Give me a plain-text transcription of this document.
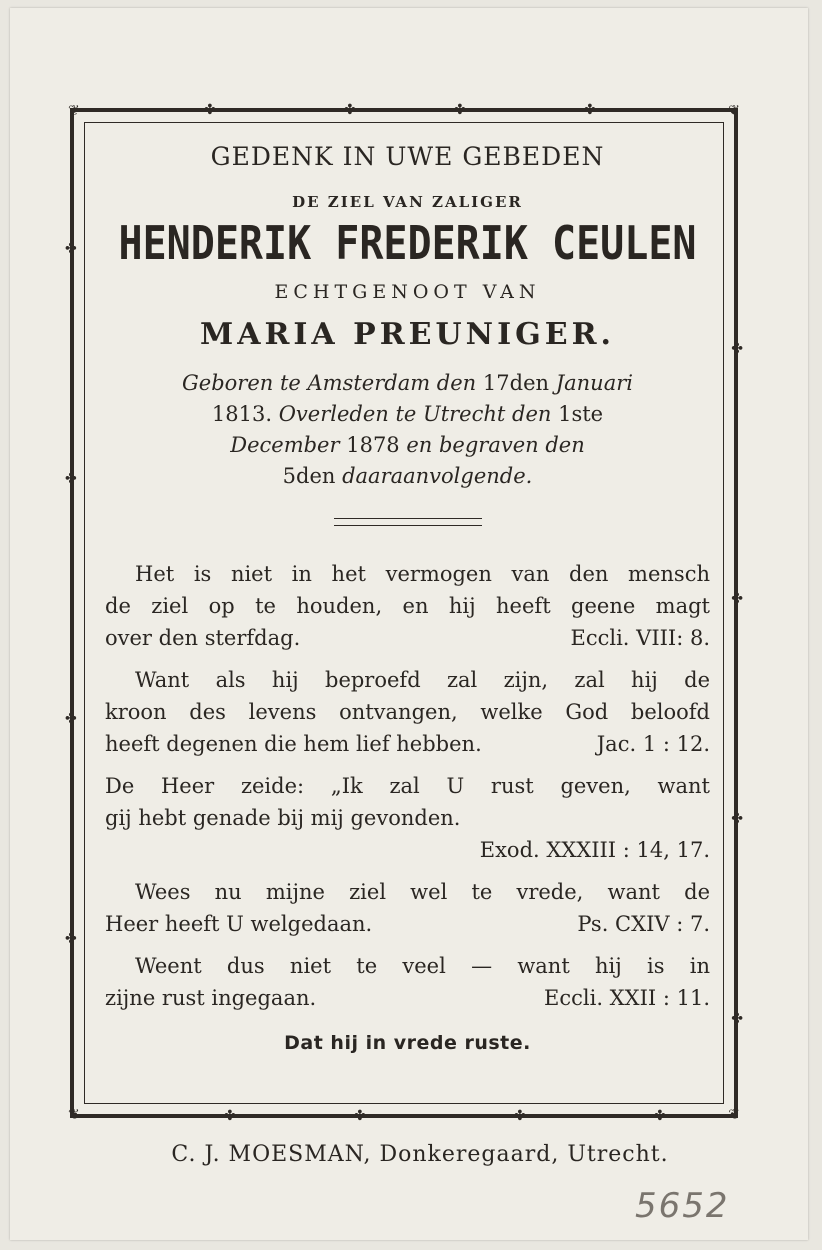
❦	❦
❦	❦
✤	✤	✤	✤
✤	✤	✤	✤
✤
✤
✤
✤
✤
✤
✤
✤
GEDENK IN UWE GEBEDEN
DE ZIEL VAN ZALIGER
HENDERIK FREDERIK CEULEN
ECHTGENOOT VAN
MARIA PREUNIGER.
Geboren te Amsterdam den 17den Januari
1813. Overleden te Utrecht den 1ste
December 1878 en begraven den
5den daaraanvolgende.
Het is niet in het vermogen van den mensch
de ziel op te houden, en hij heeft geene magt
over den sterfdag.	Eccli. VIII: 8.
Want als hij beproefd zal zijn, zal hij de
kroon des levens ontvangen, welke God beloofd
heeft degenen die hem lief hebben.	Jac. 1 : 12.
De Heer zeide: „Ik zal U rust geven, want
gij hebt genade bij mij gevonden.
Exod. XXXIII : 14, 17.
Wees nu mijne ziel wel te vrede, want de
Heer heeft U welgedaan.	Ps. CXIV : 7.
Weent dus niet te veel — want hij is in
zijne rust ingegaan.	Eccli. XXII : 11.
Dat hij in vrede ruste.
C. J. MOESMAN, Donkeregaard, Utrecht.
5652
